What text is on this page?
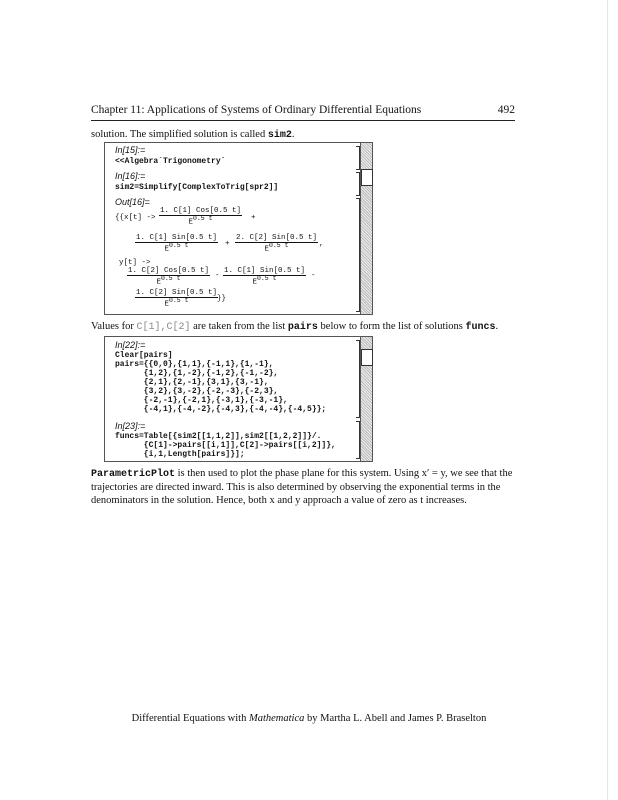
Chapter 11: Applications of Systems of Ordinary Differential Equations	492
solution. The simplified solution is called sim2.
In[15]:=
<<Algebra`Trigonometry`
In[16]:=
sim2=Simplify[ComplexToTrig[spr2]]
Out[16]=
{{x[t] ->
1. C[1] Cos[0.5 t]
$E^{0.5 t}$	+
1. C[1] Sin[0.5 t]
$E^{0.5 t}$	+
2. C[2] Sin[0.5 t]
$E^{0.5 t}$	,
y[t] ->
1. C[2] Cos[0.5 t]
$E^{0.5 t}$	-
1. C[1] Sin[0.5 t]
$E^{0.5 t}$	-
1. C[2] Sin[0.5 t]
$E^{0.5 t}$	}}
Values for C[1],C[2] are taken from the list pairs below to form the list of solutions funcs.
In[22]:=
Clear[pairs]
pairs={{0,0},{1,1},{-1,1},{1,-1},
{1,2},{1,-2},{-1,2},{-1,-2},
{2,1},{2,-1},{3,1},{3,-1},
{3,2},{3,-2},{-2,-3},{-2,3},
{-2,-1},{-2,1},{-3,1},{-3,-1},
{-4,1},{-4,-2},{-4,3},{-4,-4},{-4,5}};
In[23]:=
funcs=Table[{sim2[[1,1,2]],sim2[[1,2,2]]}/.
{C[1]->pairs[[i,1]],C[2]->pairs[[i,2]]},
{i,1,Length[pairs]}];
ParametricPlot is then used to plot the phase plane for this system. Using x′ = y, we see that the
trajectories are directed inward. This is also determined by observing the exponential terms in the
denominators in the solution. Hence, both x and y approach a value of zero as t increases.
Differential Equations with Mathematica by Martha L. Abell and James P. Braselton
